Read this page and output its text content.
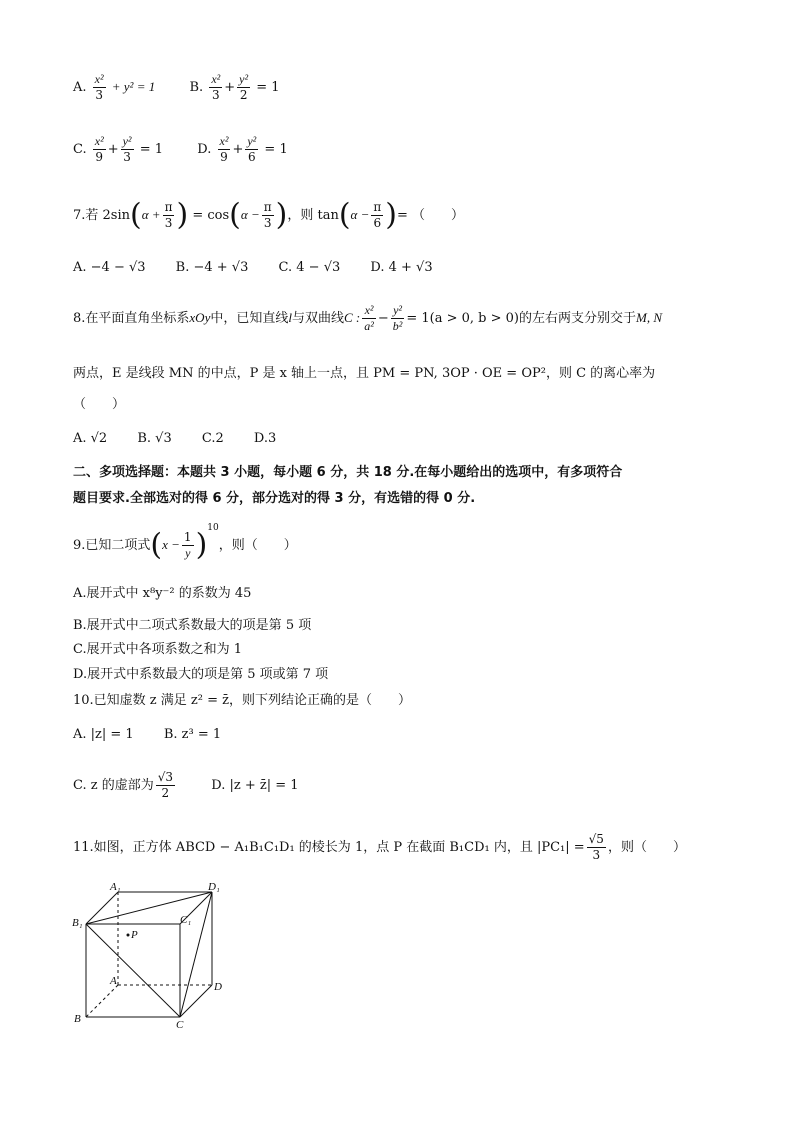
A. $\frac{\text{x²}}{3} + y^2 = 1$	B. $\frac{\text{x²}}{3} + \frac{\text{y²}}{2} = 1$
C. $\frac{\text{x²}}{9} + \frac{\text{y²}}{3} = 1$	D. $\frac{\text{x²}}{9} + \frac{\text{y²}}{6} = 1$
7.若 $2\sin(\alpha + \frac{\pi}{3}$ ) = $\cos(\alpha - \frac{\pi}{3}$ )，则 $\tan(\alpha - \frac{\pi}{6}$ )= （　　）
A. −4 − √3 B. −4 + √3 C. 4 − √3 D. 4 + √3
8.在平面直角坐标系xOy中，已知直线l与双曲线C : $\frac{\text{x²}}{\text{a²}} - \frac{\text{y²}}{\text{b²}} = 1(a > 0$, b > 0)的左右两支分别交于M, N
两点，E 是线段 MN 的中点，P 是 x 轴上一点，且 PM = PN, 3OP · OE = OP²，则 C 的离心率为
（　　）
A. √2 B. √3 C.2 D.3
二、多项选择题：本题共 3 小题，每小题 6 分，共 18 分.在每小题给出的选项中，有多项符合
题目要求.全部选对的得 6 分，部分选对的得 3 分，有选错的得 0 分.
9.已知二项式$(x - \frac{1}{y} )^{10}$，则（　　）
A.展开式中 x⁸y⁻² 的系数为 45
B.展开式中二项式系数最大的项是第 5 项
C.展开式中各项系数之和为 1
D.展开式中系数最大的项是第 5 项或第 7 项
10.已知虚数 z 满足 z² = z̄，则下列结论正确的是（　　）
A. |z| = 1 B. z³ = 1
C. z 的虚部为 $\frac{√3}{2}$	D. |z + z̄| = 1
11.如图，正方体 ABCD − A₁B₁C₁D₁ 的棱长为 1，点 P 在截面 B₁CD₁ 内，且 $|PC_1| = \frac{√5}{3}$ ，则（　　）
A₁	D₁
B₁	C₁
P
A	D
B	C
